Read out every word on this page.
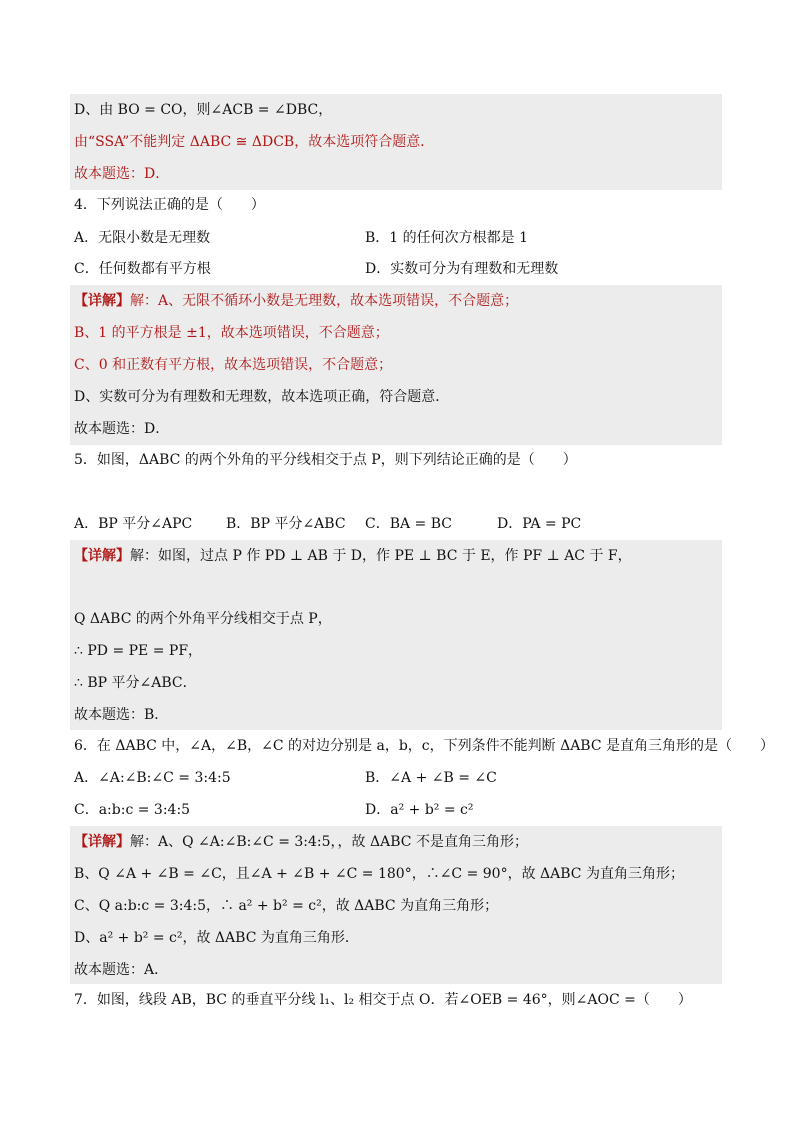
D、由 BO = CO，则∠ACB = ∠DBC，
由“SSA”不能判定 ΔABC ≅ ΔDCB，故本选项符合题意．
故本题选：D．
4．下列说法正确的是（　　）
A．无限小数是无理数	B．1 的任何次方根都是 1
C．任何数都有平方根	D．实数可分为有理数和无理数
【详解】解：A、无限不循环小数是无理数，故本选项错误，不合题意；
B、1 的平方根是 ±1，故本选项错误，不合题意；
C、0 和正数有平方根，故本选项错误，不合题意；
D、实数可分为有理数和无理数，故本选项正确，符合题意．
故本题选：D．
5．如图，ΔABC 的两个外角的平分线相交于点 P，则下列结论正确的是（　　）
A．BP 平分∠APC B．BP 平分∠ABC C．BA = BC	D．PA = PC
【详解】解：如图，过点 P 作 PD ⊥ AB 于 D，作 PE ⊥ BC 于 E，作 PF ⊥ AC 于 F，
Q ΔABC 的两个外角平分线相交于点 P，
∴ PD = PE = PF，
∴ BP 平分∠ABC．
故本题选：B．
6．在 ΔABC 中，∠A，∠B，∠C 的对边分别是 a，b，c，下列条件不能判断 ΔABC 是直角三角形的是（　　）
A．∠A:∠B:∠C = 3:4:5	B．∠A + ∠B = ∠C
C．a:b:c = 3:4:5	D．a² + b² = c²
【详解】解：A、Q ∠A:∠B:∠C = 3:4:5，，故 ΔABC 不是直角三角形；
B、Q ∠A + ∠B = ∠C，且∠A + ∠B + ∠C = 180°，∴∠C = 90°，故 ΔABC 为直角三角形；
C、Q a:b:c = 3:4:5，∴ a² + b² = c²，故 ΔABC 为直角三角形；
D、a² + b² = c²，故 ΔABC 为直角三角形．
故本题选：A．
7．如图，线段 AB，BC 的垂直平分线 l₁、l₂ 相交于点 O．若∠OEB = 46°，则∠AOC =（　　）
